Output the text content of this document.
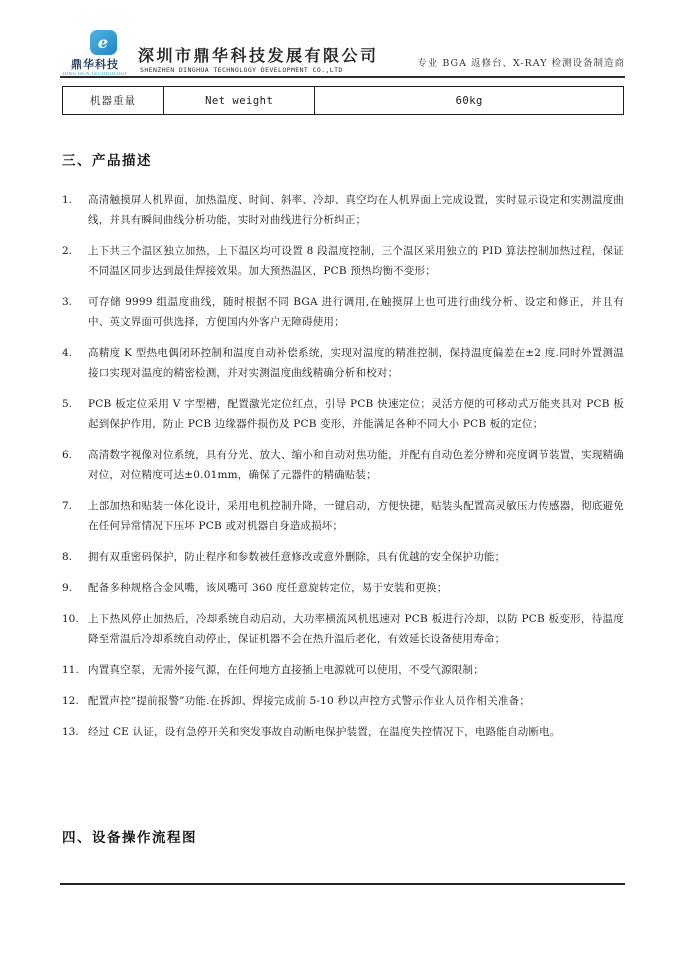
e
鼎华科技
DING HUA TECHNOLOGY
深圳市鼎华科技发展有限公司
SHENZHEN DINGHUA TECHNOLOGY DEVELOPMENT CO.,LTD
专业 BGA 返修台、X-RAY 检测设备制造商
机器重量	Net weight	60kg
三、产品描述
1.	高清触摸屏人机界面，加热温度、时间、斜率、冷却、真空均在人机界面上完成设置，实时显示设定和实测温度曲线，并具有瞬间曲线分析功能，实时对曲线进行分析纠正；
2.	上下共三个温区独立加热，上下温区均可设置 8 段温度控制，三个温区采用独立的 PID 算法控制加热过程，保证不同温区同步达到最佳焊接效果。加大预热温区，PCB 预热均衡不变形；
3.	可存储 9999 组温度曲线，随时根据不同 BGA 进行调用,在触摸屏上也可进行曲线分析、设定和修正，并且有中、英文界面可供选择，方便国内外客户无障碍使用；
4.	高精度 K 型热电偶闭环控制和温度自动补偿系统，实现对温度的精准控制，保持温度偏差在±2 度.同时外置测温接口实现对温度的精密检测，并对实测温度曲线精确分析和校对；
5.	PCB 板定位采用 V 字型槽，配置激光定位红点，引导 PCB 快速定位；灵活方便的可移动式万能夹具对 PCB 板起到保护作用，防止 PCB 边缘器件损伤及 PCB 变形，并能满足各种不同大小 PCB 板的定位；
6.	高清数字视像对位系统，具有分光、放大、缩小和自动对焦功能，并配有自动色差分辨和亮度调节装置，实现精确对位，对位精度可达±0.01mm，确保了元器件的精确贴装；
7.	上部加热和贴装一体化设计，采用电机控制升降，一键启动，方便快捷，贴装头配置高灵敏压力传感器，彻底避免在任何异常情况下压坏 PCB 或对机器自身造成损坏；
8.	拥有双重密码保护，防止程序和参数被任意修改或意外删除，具有优越的安全保护功能；
9.	配备多种规格合金风嘴，该风嘴可 360 度任意旋转定位，易于安装和更换；
10. 上下热风停止加热后，冷却系统自动启动，大功率横流风机迅速对 PCB 板进行冷却，以防 PCB 板变形，待温度降至常温后冷却系统自动停止，保证机器不会在热升温后老化，有效延长设备使用寿命；
11. 内置真空泵，无需外接气源，在任何地方直接插上电源就可以使用，不受气源限制；
12. 配置声控“提前报警”功能.在拆卸、焊接完成前 5-10 秒以声控方式警示作业人员作相关准备；
13. 经过 CE 认证，设有急停开关和突发事故自动断电保护装置，在温度失控情况下，电路能自动断电。
四、设备操作流程图
